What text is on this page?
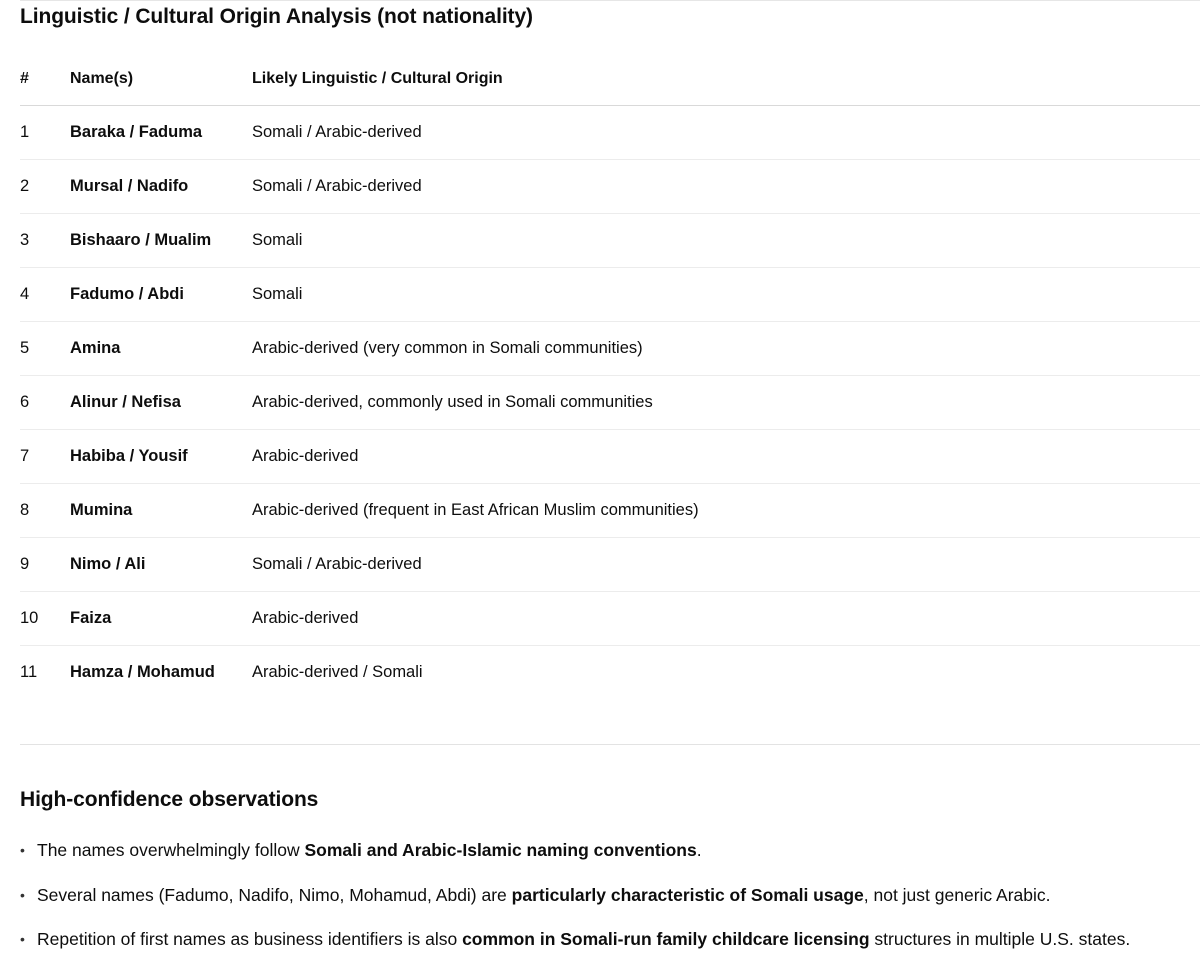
Linguistic / Cultural Origin Analysis (not nationality)
#	Name(s)	Likely Linguistic / Cultural Origin
1	Baraka / Faduma	Somali / Arabic-derived
2	Mursal / Nadifo	Somali / Arabic-derived
3	Bishaaro / Mualim	Somali
4	Fadumo / Abdi	Somali
5	Amina	Arabic-derived (very common in Somali communities)
6	Alinur / Nefisa	Arabic-derived, commonly used in Somali communities
7	Habiba / Yousif	Arabic-derived
8	Mumina	Arabic-derived (frequent in East African Muslim communities)
9	Nimo / Ali	Somali / Arabic-derived
10	Faiza	Arabic-derived
11	Hamza / Mohamud	Arabic-derived / Somali
High-confidence observations
• The names overwhelmingly follow Somali and Arabic-Islamic naming conventions.
• Several names (Fadumo, Nadifo, Nimo, Mohamud, Abdi) are particularly characteristic of Somali usage, not just generic Arabic.
• Repetition of first names as business identifiers is also common in Somali-run family childcare licensing structures in multiple U.S. states.
